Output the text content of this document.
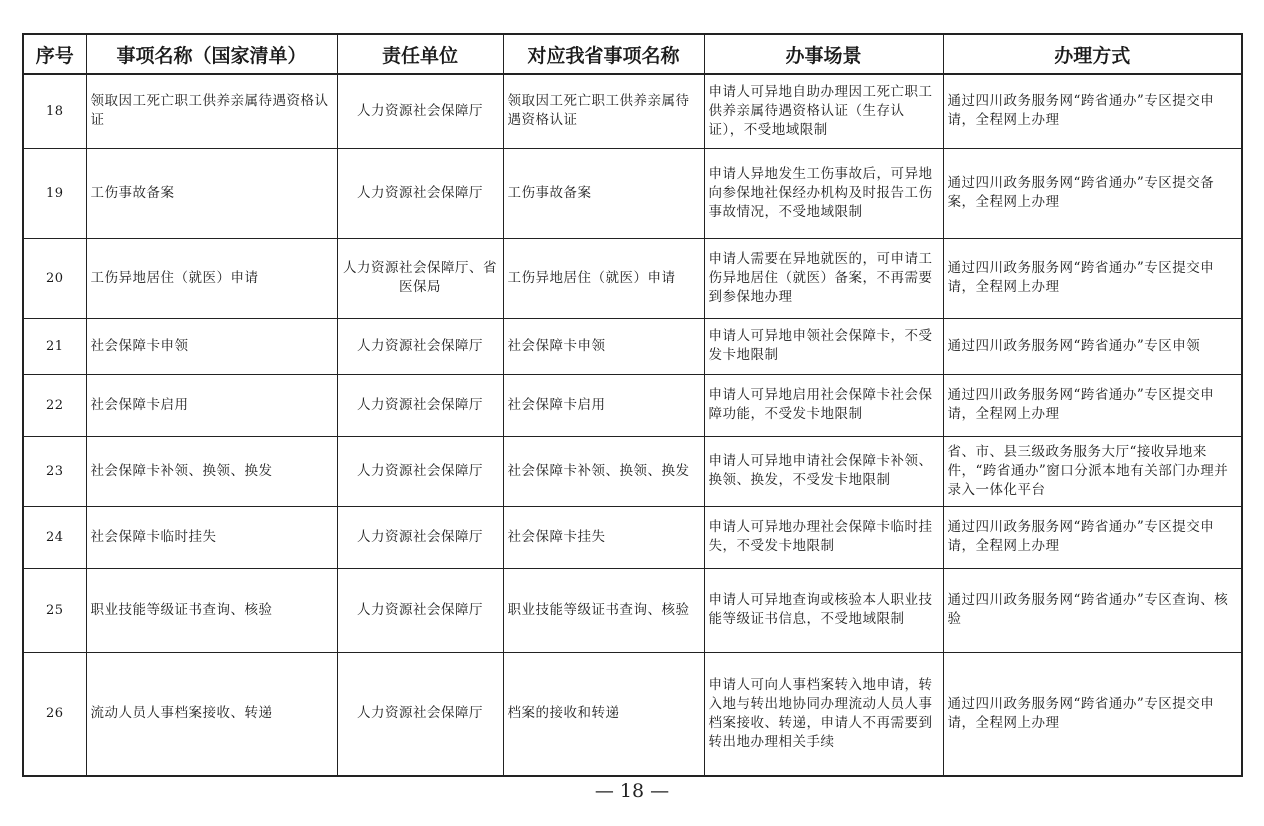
序号	事项名称（国家清单）	责任单位	对应我省事项名称	办事场景	办理方式
18	领取因工死亡职工供养亲属待遇资格认证	人力资源社会保障厅	领取因工死亡职工供养亲属待遇资格认证	申请人可异地自助办理因工死亡职工供养亲属待遇资格认证（生存认证），不受地域限制	通过四川政务服务网“跨省通办”专区提交申请，全程网上办理
19	工伤事故备案	人力资源社会保障厅	工伤事故备案	申请人异地发生工伤事故后，可异地向参保地社保经办机构及时报告工伤事故情况，不受地域限制	通过四川政务服务网“跨省通办”专区提交备案，全程网上办理
20	工伤异地居住（就医）申请	人力资源社会保障厅、省医保局	工伤异地居住（就医）申请	申请人需要在异地就医的，可申请工伤异地居住（就医）备案，不再需要到参保地办理	通过四川政务服务网“跨省通办”专区提交申请，全程网上办理
21	社会保障卡申领	人力资源社会保障厅	社会保障卡申领	申请人可异地申领社会保障卡，不受发卡地限制	通过四川政务服务网“跨省通办”专区申领
22	社会保障卡启用	人力资源社会保障厅	社会保障卡启用	申请人可异地启用社会保障卡社会保障功能，不受发卡地限制	通过四川政务服务网“跨省通办”专区提交申请，全程网上办理
23	社会保障卡补领、换领、换发	人力资源社会保障厅	社会保障卡补领、换领、换发	申请人可异地申请社会保障卡补领、换领、换发，不受发卡地限制	省、市、县三级政务服务大厅“接收异地来件，“跨省通办”窗口分派本地有关部门办理并录入一体化平台
24	社会保障卡临时挂失	人力资源社会保障厅	社会保障卡挂失	申请人可异地办理社会保障卡临时挂失，不受发卡地限制	通过四川政务服务网“跨省通办”专区提交申请，全程网上办理
25	职业技能等级证书查询、核验	人力资源社会保障厅	职业技能等级证书查询、核验	申请人可异地查询或核验本人职业技能等级证书信息，不受地域限制	通过四川政务服务网“跨省通办”专区查询、核验
26	流动人员人事档案接收、转递	人力资源社会保障厅	档案的接收和转递	申请人可向人事档案转入地申请，转入地与转出地协同办理流动人员人事档案接收、转递，申请人不再需要到转出地办理相关手续	通过四川政务服务网“跨省通办”专区提交申请，全程网上办理
— 18 —
